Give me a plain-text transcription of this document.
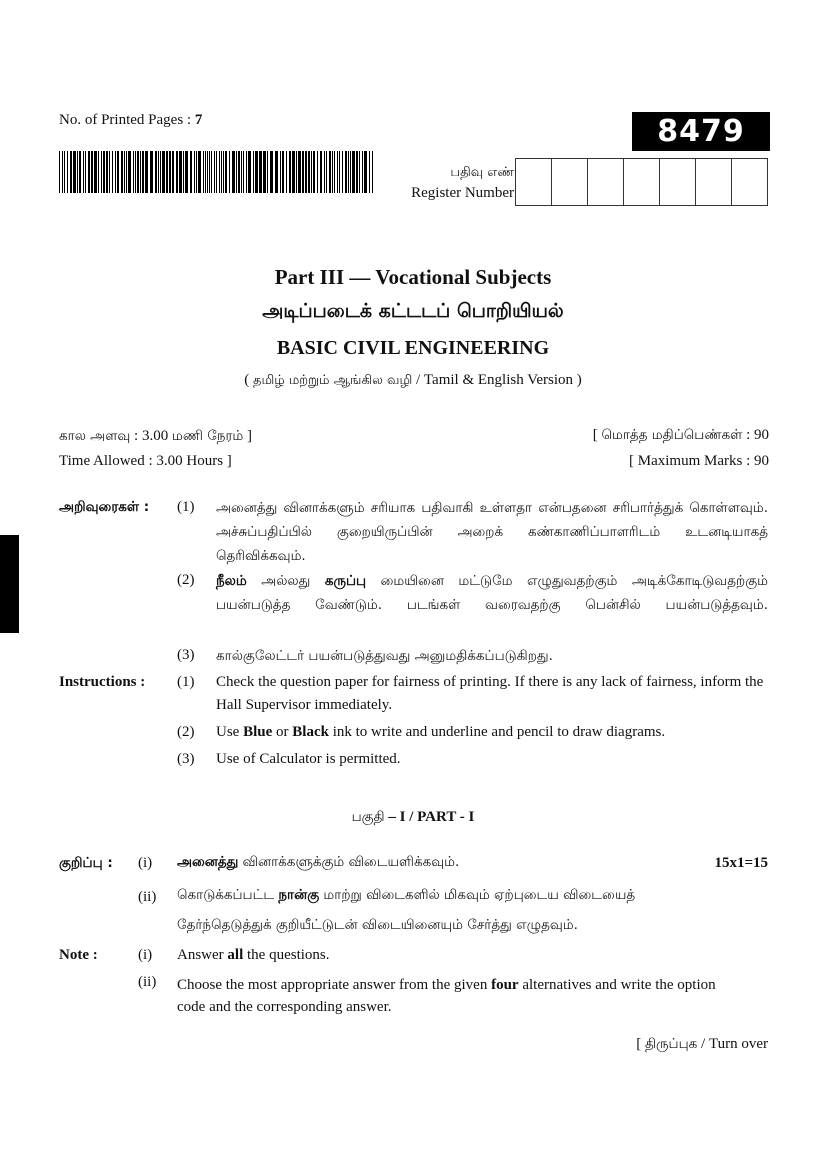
No. of Printed Pages : 7	8479
பதிவு எண்
Register Number
Part III — Vocational Subjects
அடிப்படைக் கட்டடப் பொறியியல்
BASIC CIVIL ENGINEERING
( தமிழ் மற்றும் ஆங்கில வழி / Tamil & English Version )
கால அளவு : 3.00 மணி நேரம் ]	[ மொத்த மதிப்பெண்கள் : 90
Time Allowed : 3.00 Hours ]	[ Maximum Marks : 90
அறிவுரைகள் : (1) அனைத்து வினாக்களும் சரியாக பதிவாகி உள்ளதா என்பதனை சரிபார்த்துக் கொள்ளவும். அச்சுப்பதிப்பில் குறையிருப்பின் அறைக் கண்காணிப்பாளரிடம் உடனடியாகத் தெரிவிக்கவும்.
(2) நீலம் அல்லது கருப்பு மையினை மட்டுமே எழுதுவதற்கும் அடிக்கோடிடுவதற்கும் பயன்படுத்த வேண்டும். படங்கள் வரைவதற்கு பென்சில் பயன்படுத்தவும்.
(3) கால்குலேட்டர் பயன்படுத்துவது அனுமதிக்கப்படுகிறது.
Instructions : (1) Check the question paper for fairness of printing. If there is any lack of fairness, inform the Hall Supervisor immediately.
(2) Use Blue or Black ink to write and underline and pencil to draw diagrams.
(3) Use of Calculator is permitted.
பகுதி – I / PART - I
குறிப்பு : (i) அனைத்து வினாக்களுக்கும் விடையளிக்கவும்.	15x1=15
(ii) கொடுக்கப்பட்ட நான்கு மாற்று விடைகளில் மிகவும் ஏற்புடைய விடையைத்
தேர்ந்தெடுத்துக் குறியீட்டுடன் விடையினையும் சேர்த்து எழுதவும்.
Note :	(i) Answer all the questions.
(ii) Choose the most appropriate answer from the given four alternatives and write the option code and the corresponding answer.
[ திருப்புக / Turn over
